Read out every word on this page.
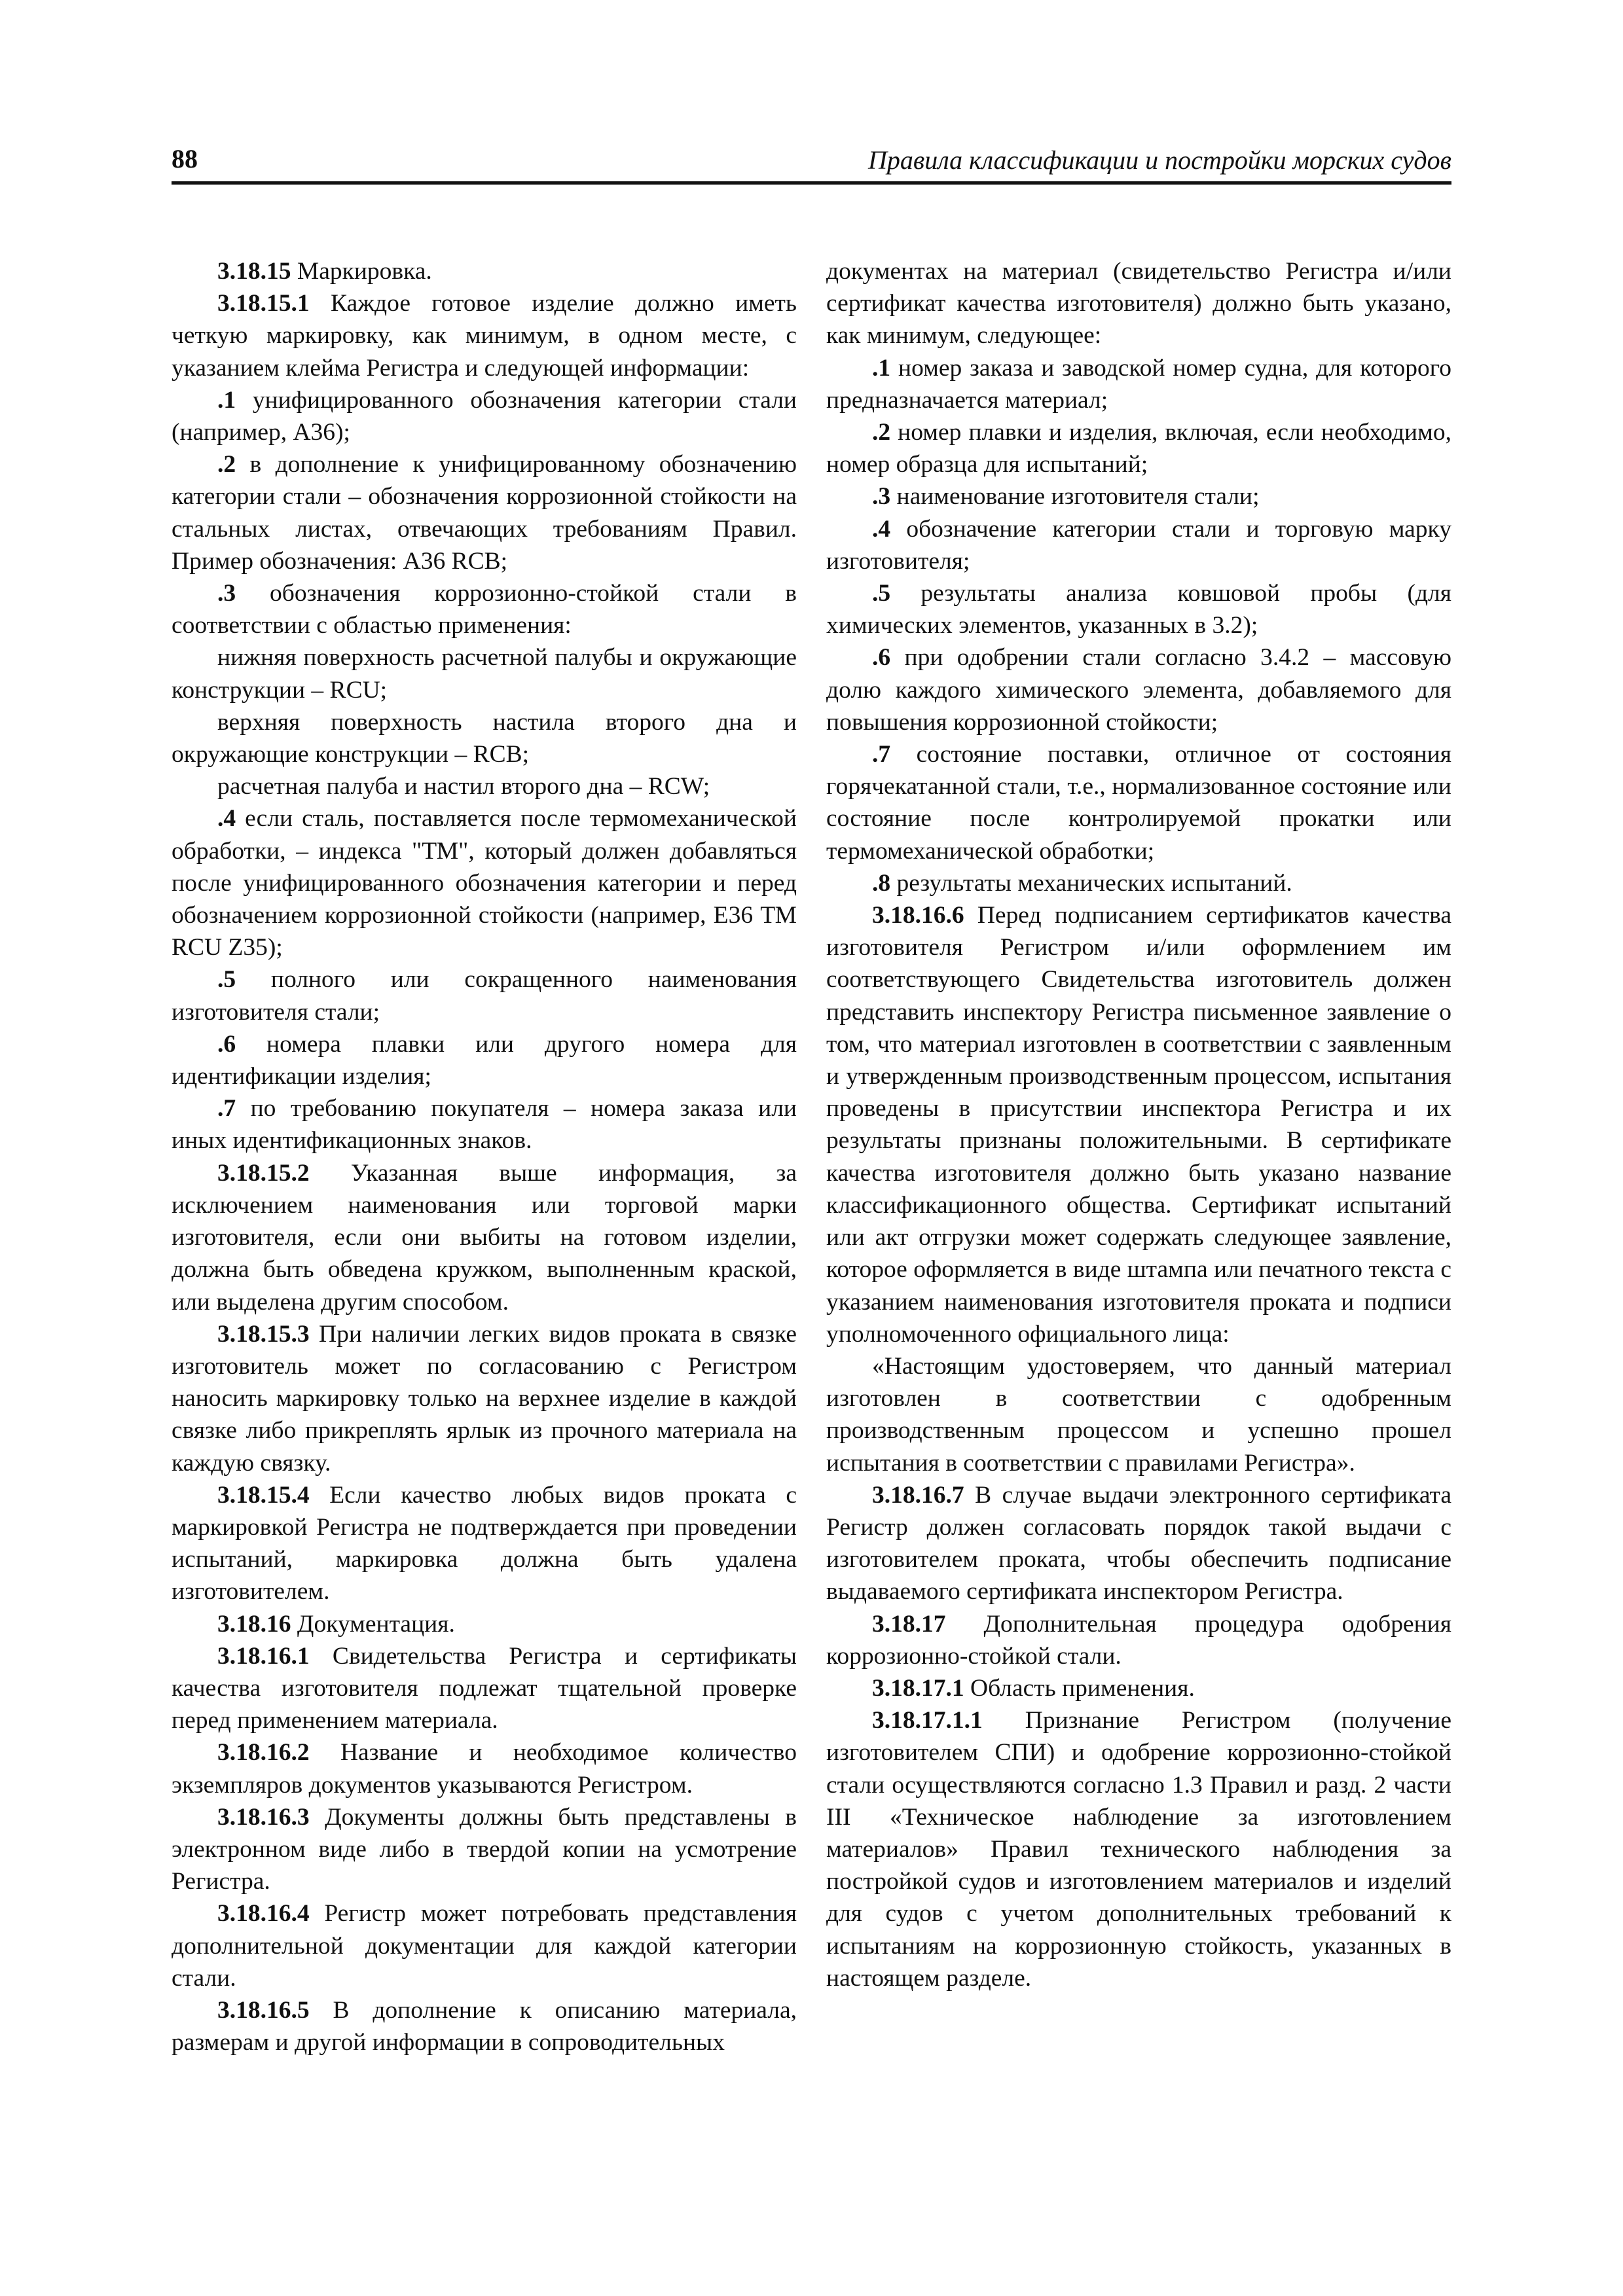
88	Правила классификации и постройки морских судов

3.18.15 Маркировка.

3.18.15.1 Каждое готовое изделие должно иметь четкую маркировку, как минимум, в одном месте, с указанием клейма Регистра и следующей информации:

.1 унифицированного обозначения категории стали (например, А36);

.2 в дополнение к унифицированному обозначению категории стали – обозначения коррозионной стойкости на стальных листах, отвечающих требованиям Правил. Пример обозначения: А36 RCB;

.3 обозначения коррозионно-стойкой стали в соответствии с областью применения:

нижняя поверхность расчетной палубы и окружающие конструкции – RCU;

верхняя поверхность настила второго дна и окружающие конструкции – RCB;

расчетная палуба и настил второго дна – RCW;

.4 если сталь, поставляется после термомеханической обработки, – индекса "ТМ", который должен добавляться после унифицированного обозначения категории и перед обозначением коррозионной стойкости (например, Е36 ТМ RCU Z35);

.5 полного или сокращенного наименования изготовителя стали;

.6 номера плавки или другого номера для идентификации изделия;

.7 по требованию покупателя – номера заказа или иных идентификационных знаков.

3.18.15.2 Указанная выше информация, за исключением наименования или торговой марки изготовителя, если они выбиты на готовом изделии, должна быть обведена кружком, выполненным краской, или выделена другим способом.

3.18.15.3 При наличии легких видов проката в связке изготовитель может по согласованию с Регистром наносить маркировку только на верхнее изделие в каждой связке либо прикреплять ярлык из прочного материала на каждую связку.

3.18.15.4 Если качество любых видов проката с маркировкой Регистра не подтверждается при проведении испытаний, маркировка должна быть удалена изготовителем.

3.18.16 Документация.

3.18.16.1 Свидетельства Регистра и сертификаты качества изготовителя подлежат тщательной проверке перед применением материала.

3.18.16.2 Название и необходимое количество экземпляров документов указываются Регистром.

3.18.16.3 Документы должны быть представлены в электронном виде либо в твердой копии на усмотрение Регистра.

3.18.16.4 Регистр может потребовать представления дополнительной документации для каждой категории стали.

3.18.16.5 В дополнение к описанию материала, размерам и другой информации в сопроводительных

документах на материал (свидетельство Регистра и/или сертификат качества изготовителя) должно быть указано, как минимум, следующее:

.1 номер заказа и заводской номер судна, для которого предназначается материал;

.2 номер плавки и изделия, включая, если необходимо, номер образца для испытаний;

.3 наименование изготовителя стали;

.4 обозначение категории стали и торговую марку изготовителя;

.5 результаты анализа ковшовой пробы (для химических элементов, указанных в 3.2);

.6 при одобрении стали согласно 3.4.2 – массовую долю каждого химического элемента, добавляемого для повышения коррозионной стойкости;

.7 состояние поставки, отличное от состояния горячекатанной стали, т.е., нормализованное состояние или состояние после контролируемой прокатки или термомеханической обработки;

.8 результаты механических испытаний.

3.18.16.6 Перед подписанием сертификатов качества изготовителя Регистром и/или оформлением им соответствующего Свидетельства изготовитель должен представить инспектору Регистра письменное заявление о том, что материал изготовлен в соответствии с заявленным и утвержденным производственным процессом, испытания проведены в присутствии инспектора Регистра и их результаты признаны положительными. В сертификате качества изготовителя должно быть указано название классификационного общества. Сертификат испытаний или акт отгрузки может содержать следующее заявление, которое оформляется в виде штампа или печатного текста с указанием наименования изготовителя проката и подписи уполномоченного официального лица:

«Настоящим удостоверяем, что данный материал изготовлен в соответствии с одобренным производственным процессом и успешно прошел испытания в соответствии с правилами Регистра».

3.18.16.7 В случае выдачи электронного сертификата Регистр должен согласовать порядок такой выдачи с изготовителем проката, чтобы обеспечить подписание выдаваемого сертификата инспектором Регистра.

3.18.17 Дополнительная процедура одобрения коррозионно-стойкой стали.

3.18.17.1 Область применения.

3.18.17.1.1 Признание Регистром (получение изготовителем СПИ) и одобрение коррозионно-стойкой стали осуществляются согласно 1.3 Правил и разд. 2 части III «Техническое наблюдение за изготовлением материалов» Правил технического наблюдения за постройкой судов и изготовлением материалов и изделий для судов с учетом дополнительных требований к испытаниям на коррозионную стойкость, указанных в настоящем разделе.
